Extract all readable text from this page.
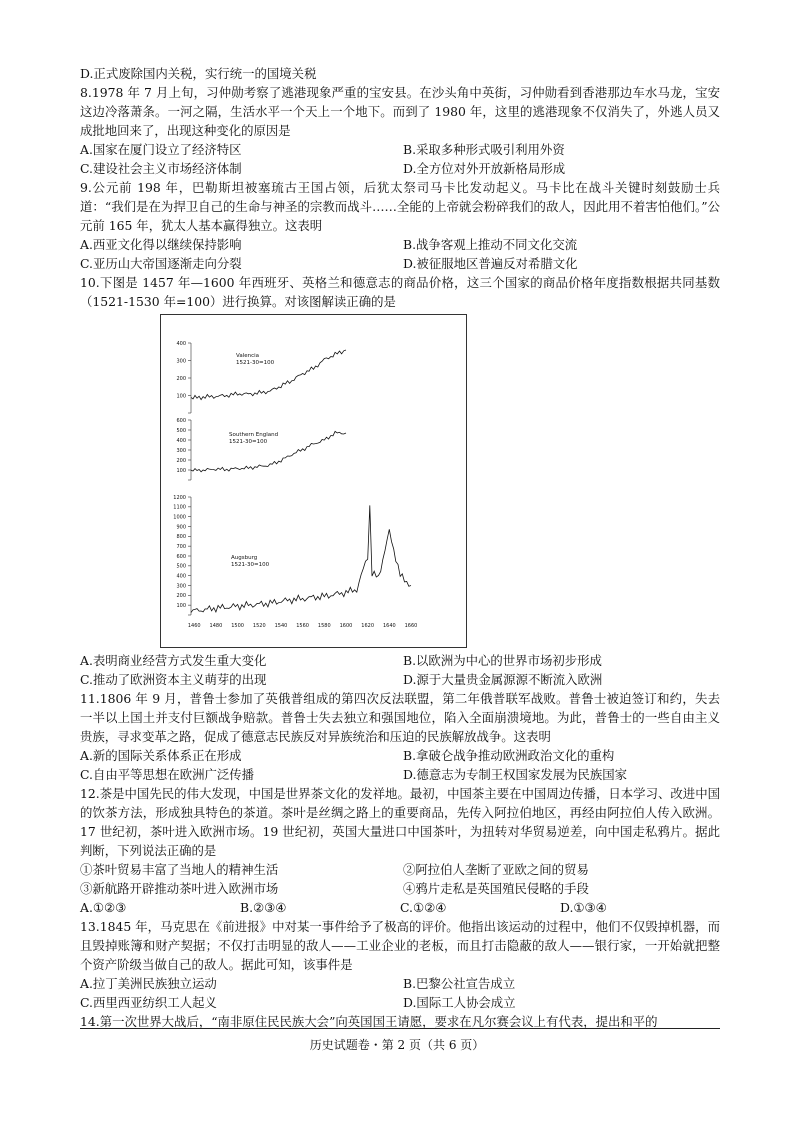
D.正式废除国内关税，实行统一的国境关税

8.1978 年 7 月上旬，习仲勋考察了逃港现象严重的宝安县。在沙头角中英街，习仲勋看到香港那边车水马龙，宝安这边冷落萧条。一河之隔，生活水平一个天上一个地下。而到了 1980 年，这里的逃港现象不仅消失了，外逃人员又成批地回来了，出现这种变化的原因是

A.国家在厦门设立了经济特区	B.采取多种形式吸引利用外资
C.建设社会主义市场经济体制	D.全方位对外开放新格局形成

9.公元前 198 年，巴勒斯坦被塞琉古王国占领，后犹太祭司马卡比发动起义。马卡比在战斗关键时刻鼓励士兵道：“我们是在为捍卫自己的生命与神圣的宗教而战斗……全能的上帝就会粉碎我们的敌人，因此用不着害怕他们。”公元前 165 年，犹太人基本赢得独立。这表明

A.西亚文化得以继续保持影响	B.战争客观上推动不同文化交流
C.亚历山大帝国逐渐走向分裂	D.被征服地区普遍反对希腊文化

10.下图是 1457 年—1600 年西班牙、英格兰和德意志的商品价格，这三个国家的商品价格年度指数根据共同基数（1521-1530 年=100）进行换算。对该图解读正确的是

100
200
300
400
Valencia
1521-30=100
100
200
300
400
500
600
Southern England
1521-30=100
100
200
300
400
500
600
700
800
900
1000
1100
1200
Augsburg
1521-30=100
1460 1480 1500 1520 1540 1560 1580 1600 1620 1640 1660
A.表明商业经营方式发生重大变化	B.以欧洲为中心的世界市场初步形成
C.推动了欧洲资本主义萌芽的出现	D.源于大量贵金属源源不断流入欧洲

11.1806 年 9 月，普鲁士参加了英俄普组成的第四次反法联盟，第二年俄普联军战败。普鲁士被迫签订和约，失去一半以上国土并支付巨额战争赔款。普鲁士失去独立和强国地位，陷入全面崩溃境地。为此，普鲁士的一些自由主义贵族，寻求变革之路，促成了德意志民族反对异族统治和压迫的民族解放战争。这表明

A.新的国际关系体系正在形成	B.拿破仑战争推动欧洲政治文化的重构
C.自由平等思想在欧洲广泛传播	D.德意志为专制王权国家发展为民族国家

12.茶是中国先民的伟大发现，中国是世界茶文化的发祥地。最初，中国茶主要在中国周边传播，日本学习、改进中国的饮茶方法，形成独具特色的茶道。茶叶是丝绸之路上的重要商品，先传入阿拉伯地区，再经由阿拉伯人传入欧洲。17 世纪初，茶叶进入欧洲市场。19 世纪初，英国大量进口中国茶叶，为扭转对华贸易逆差，向中国走私鸦片。据此判断，下列说法正确的是

①茶叶贸易丰富了当地人的精神生活	②阿拉伯人垄断了亚欧之间的贸易
③新航路开辟推动茶叶进入欧洲市场	④鸦片走私是英国殖民侵略的手段
A.①②③	B.②③④	C.①②④	D.①③④

13.1845 年，马克思在《前进报》中对某一事件给予了极高的评价。他指出该运动的过程中，他们不仅毁掉机器，而且毁掉账簿和财产契据；不仅打击明显的敌人——工业企业的老板，而且打击隐蔽的敌人——银行家，一开始就把整个资产阶级当做自己的敌人。据此可知，该事件是

A.拉丁美洲民族独立运动	B.巴黎公社宣告成立
C.西里西亚纺织工人起义	D.国际工人协会成立

14.第一次世界大战后，“南非原住民民族大会”向英国国王请愿，要求在凡尔赛会议上有代表，提出和平的

历史试题卷・第 2 页（共 6 页）
